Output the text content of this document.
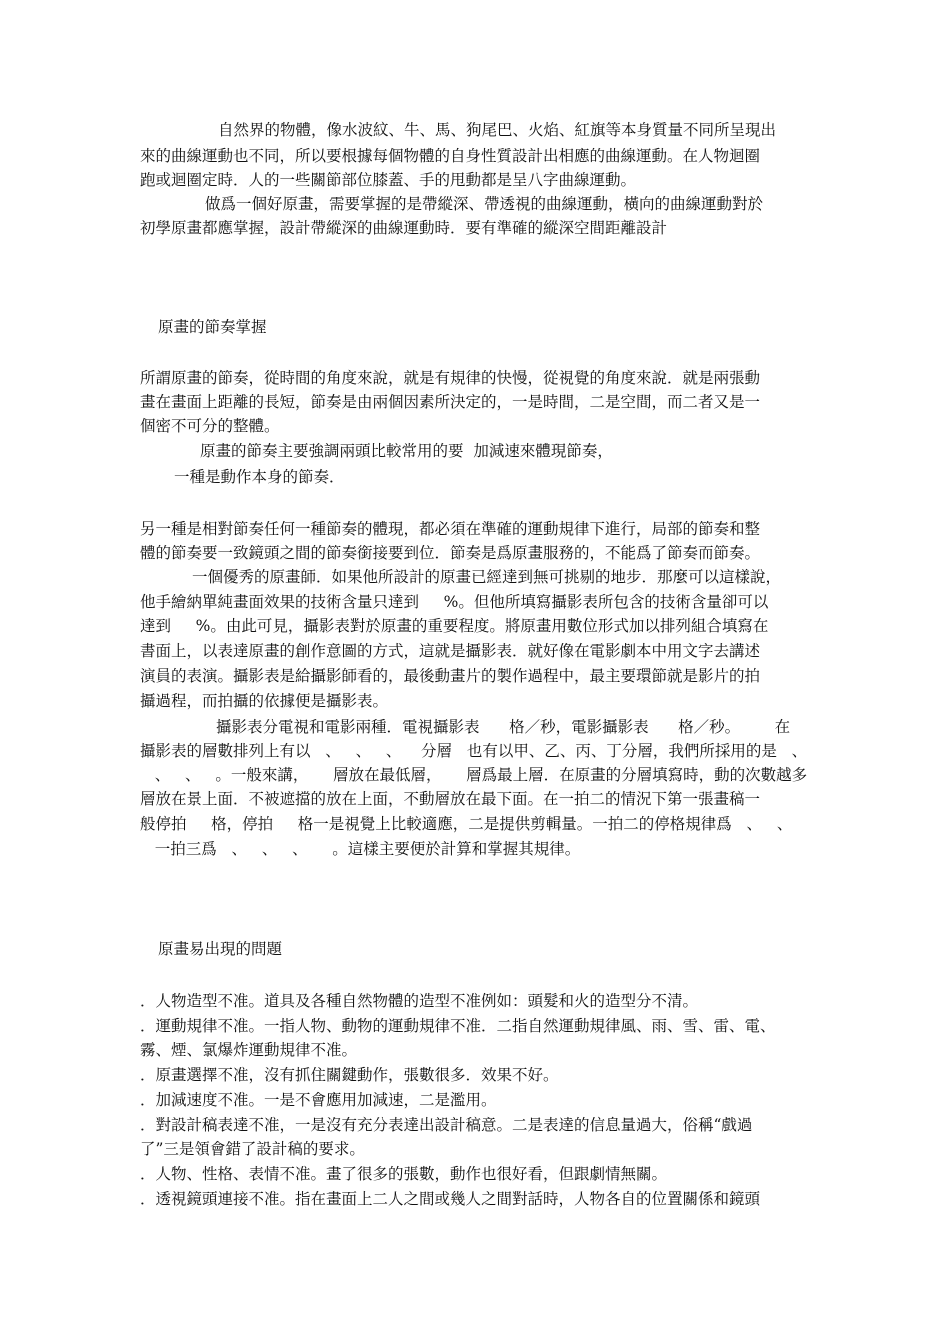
自然界的物體，像水波紋、牛、馬、狗尾巴、火焰、紅旗等本身質量不同所呈現出
來的曲線運動也不同，所以要根據每個物體的自身性質設計出相應的曲線運動。在人物迴圈
跑或迴圈定時．人的一些關節部位膝蓋、手的甩動都是呈八字曲線運動。
做爲一個好原畫，需要掌握的是帶縱深、帶透視的曲線運動，橫向的曲線運動對於
初學原畫都應掌握，設計帶縱深的曲線運動時．要有準確的縱深空間距離設計
原畫的節奏掌握
所謂原畫的節奏，從時間的角度來說，就是有規律的快慢，從視覺的角度來說．就是兩張動
畫在畫面上距離的長短，節奏是由兩個因素所決定的，一是時間，二是空間，而二者又是一
個密不可分的整體。
原畫的節奏主要強調兩頭比較常用的要  加減速來體現節奏，
一種是動作本身的節奏．
另一種是相對節奏任何一種節奏的體現，都必須在準確的運動規律下進行，局部的節奏和整
體的節奏要一致鏡頭之間的節奏銜接要到位．節奏是爲原畫服務的，不能爲了節奏而節奏。
一個優秀的原畫師．如果他所設計的原畫已經達到無可挑剔的地步．那麼可以這樣說，
他手繪納單純畫面效果的技術含量只達到     %。但他所填寫攝影表所包含的技術含量卻可以
達到     %。由此可見，攝影表對於原畫的重要程度。將原畫用數位形式加以排列組合填寫在
書面上，以表達原畫的創作意圖的方式，這就是攝影表．就好像在電影劇本中用文字去講述
演員的表演。攝影表是給攝影師看的，最後動畫片的製作過程中，最主要環節就是影片的拍
攝過程，而拍攝的依據便是攝影表。
攝影表分電視和電影兩種．電視攝影表      格／秒，電影攝影表      格／秒。       在
攝影表的層數排列上有以   、   、   、    分層   也有以甲、乙、丙、丁分層，我們所採用的是   、
、   、   。一般來講，     層放在最低層，     層爲最上層．在原畫的分層填寫時，動的次數越多
層放在景上面．不被遮擋的放在上面，不動層放在最下面。在一拍二的情況下第一張畫稿一
般停拍     格，停拍     格一是視覺上比較適應，二是提供剪輯量。一拍二的停格規律爲   、   、
一拍三爲   、   、   、     。這樣主要便於計算和掌握其規律。
原畫易出現的問題
．人物造型不准。道具及各種自然物體的造型不准例如：頭髮和火的造型分不清。
．運動規律不准。一指人物、動物的運動規律不准．二指自然運動規律風、雨、雪、雷、電、
霧、煙、氯爆炸運動規律不准。
．原畫選擇不准，沒有抓住關鍵動作，張數很多．效果不好。
．加減速度不准。一是不會應用加減速，二是濫用。
．對設計稿表達不准，一是沒有充分表達出設計稿意。二是表達的信息量過大，俗稱“戲過
了”三是領會錯了設計稿的要求。
．人物、性格、表情不准。畫了很多的張數，動作也很好看，但跟劇情無關。
．透視鏡頭連接不准。指在畫面上二人之間或幾人之間對話時，人物各自的位置關係和鏡頭
